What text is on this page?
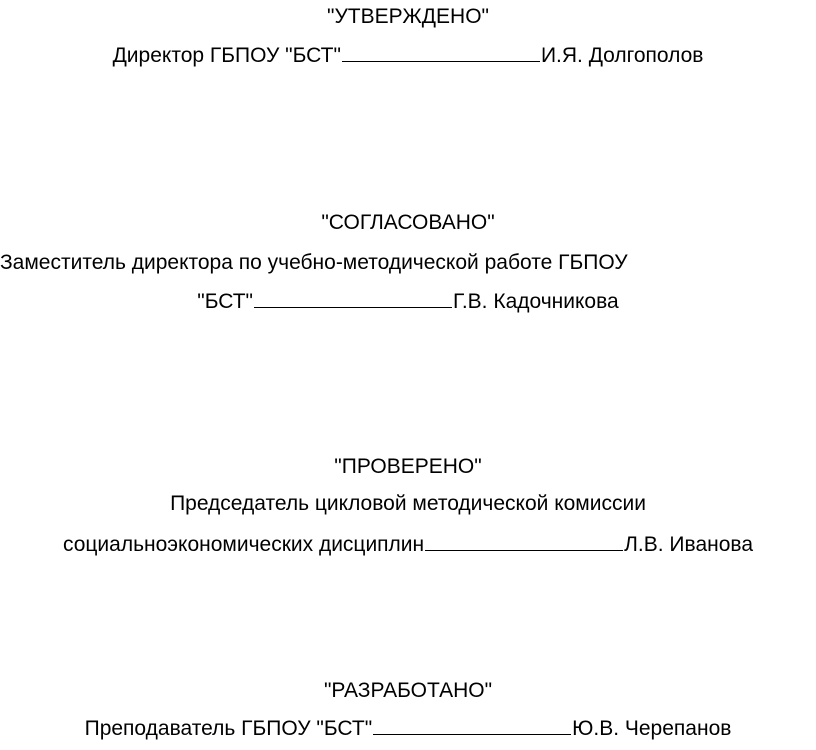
"УТВЕРЖДЕНО"
Директор ГБПОУ "БСТ"	И.Я. Долгополов
"СОГЛАСОВАНО"
Заместитель директора по учебно-методической работе ГБПОУ
"БСТ"	Г.В. Кадочникова
"ПРОВЕРЕНО"
Председатель цикловой методической комиссии
социальноэкономических дисциплин	Л.В. Иванова
"РАЗРАБОТАНО"
Преподаватель ГБПОУ "БСТ"	Ю.В. Черепанов
